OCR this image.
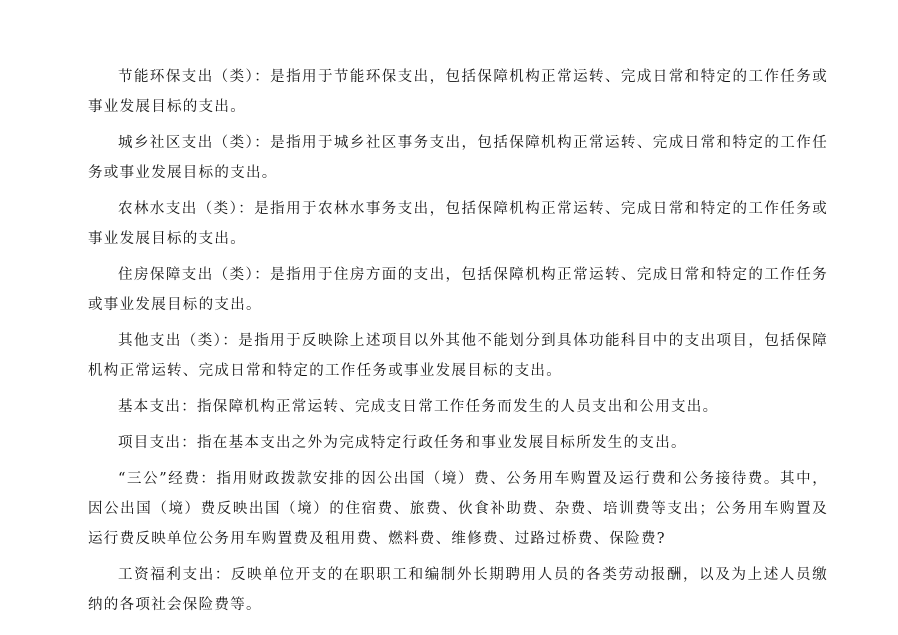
节能环保支出（类）：是指用于节能环保支出，包括保障机构正常运转、完成日常和特定的工作任务或事业发展目标的支出。

城乡社区支出（类）：是指用于城乡社区事务支出，包括保障机构正常运转、完成日常和特定的工作任务或事业发展目标的支出。

农林水支出（类）：是指用于农林水事务支出，包括保障机构正常运转、完成日常和特定的工作任务或事业发展目标的支出。

住房保障支出（类）：是指用于住房方面的支出，包括保障机构正常运转、完成日常和特定的工作任务或事业发展目标的支出。

其他支出（类）：是指用于反映除上述项目以外其他不能划分到具体功能科目中的支出项目，包括保障机构正常运转、完成日常和特定的工作任务或事业发展目标的支出。

基本支出：指保障机构正常运转、完成支日常工作任务而发生的人员支出和公用支出。

项目支出：指在基本支出之外为完成特定行政任务和事业发展目标所发生的支出。

“三公”经费：指用财政拨款安排的因公出国（境）费、公务用车购置及运行费和公务接待费。其中，因公出国（境）费反映出国（境）的住宿费、旅费、伙食补助费、杂费、培训费等支出；公务用车购置及运行费反映单位公务用车购置费及租用费、燃料费、维修费、过路过桥费、保险费?

工资福利支出：反映单位开支的在职职工和编制外长期聘用人员的各类劳动报酬，以及为上述人员缴纳的各项社会保险费等。
